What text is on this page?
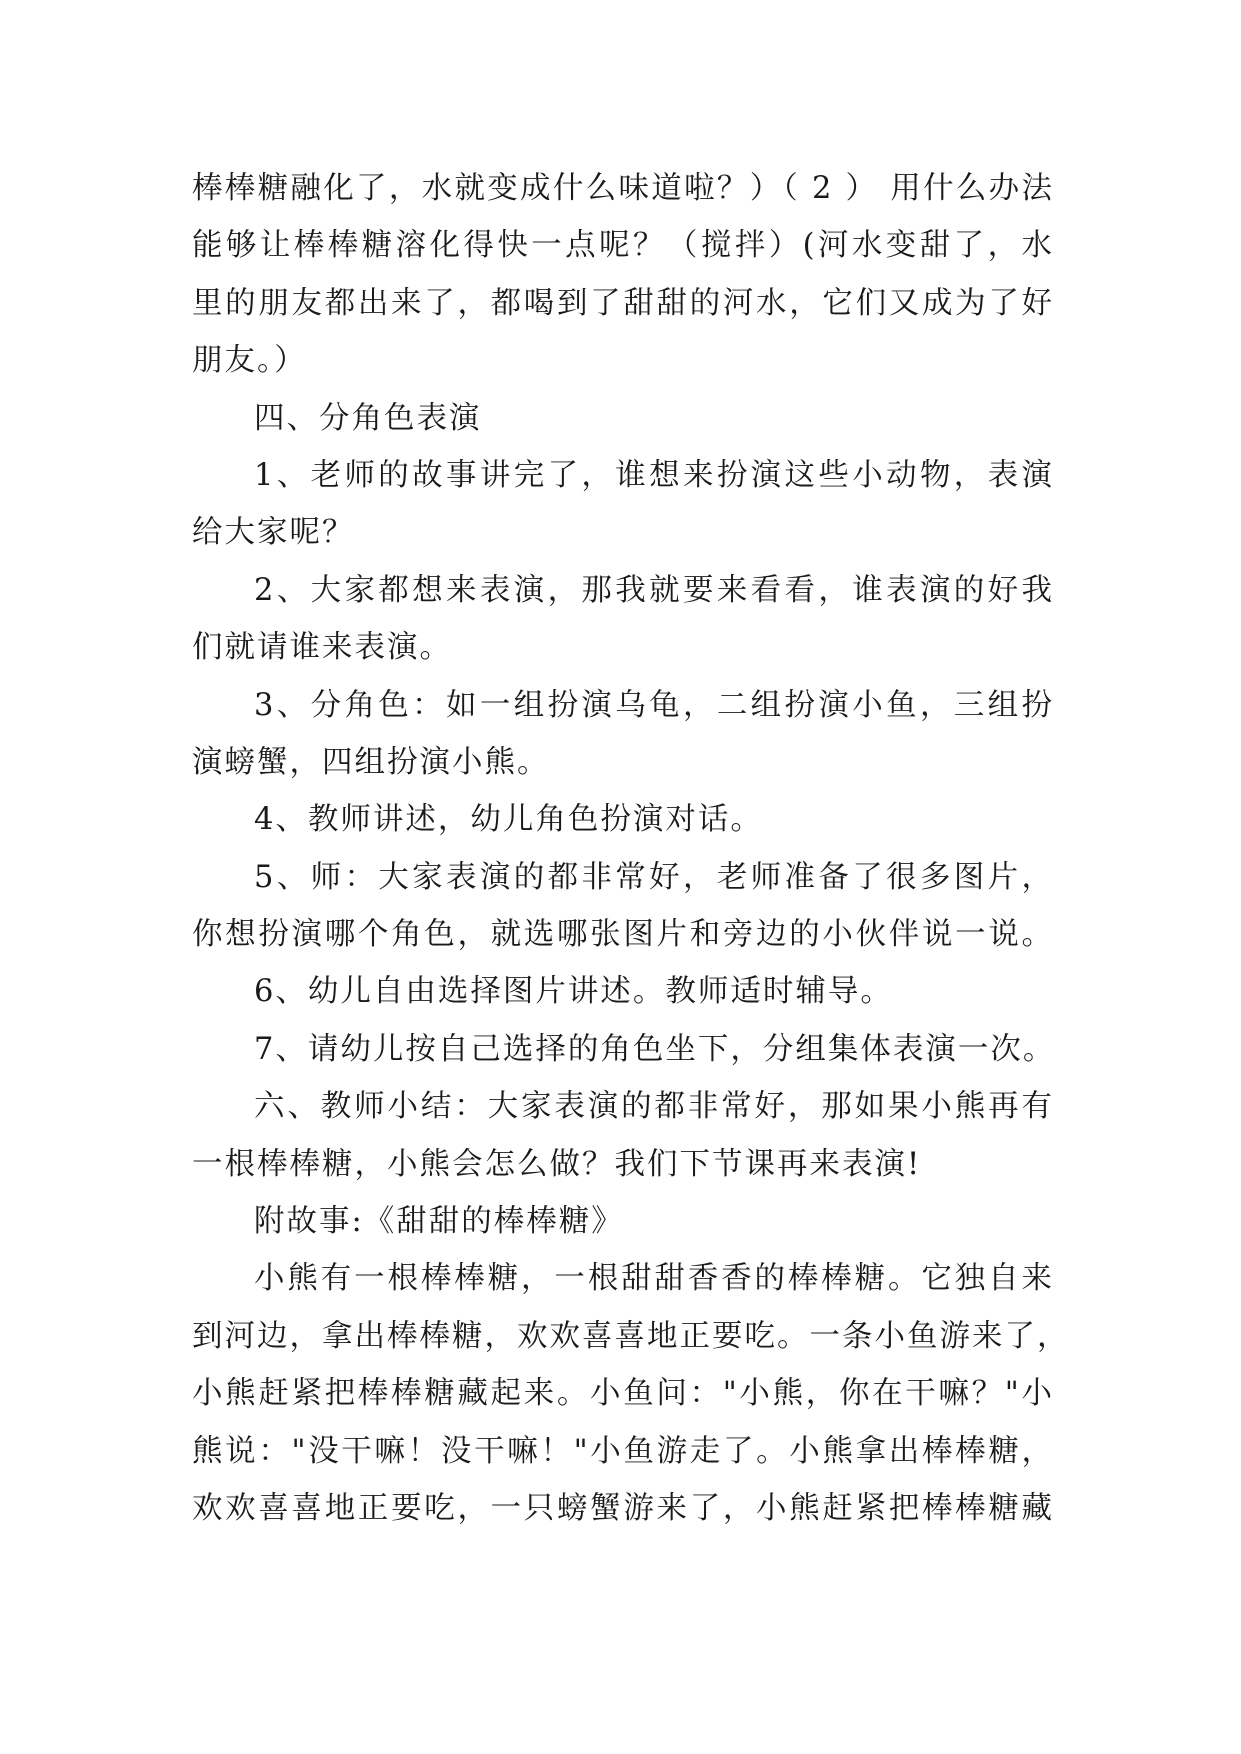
棒棒糖融化了，水就变成什么味道啦？）（ 2 ） 用什么办法
能够让棒棒糖溶化得快一点呢？（搅拌）(河水变甜了，水
里的朋友都出来了，都喝到了甜甜的河水，它们又成为了好
朋友。）
四、分角色表演
1、老师的故事讲完了，谁想来扮演这些小动物，表演
给大家呢？
2、大家都想来表演，那我就要来看看，谁表演的好我
们就请谁来表演。
3、分角色：如一组扮演乌龟，二组扮演小鱼，三组扮
演螃蟹，四组扮演小熊。
4、教师讲述，幼儿角色扮演对话。
5、师：大家表演的都非常好，老师准备了很多图片，
你想扮演哪个角色，就选哪张图片和旁边的小伙伴说一说。
6、幼儿自由选择图片讲述。教师适时辅导。
7、请幼儿按自己选择的角色坐下，分组集体表演一次。
六、教师小结：大家表演的都非常好，那如果小熊再有
一根棒棒糖，小熊会怎么做？我们下节课再来表演!
附故事:《甜甜的棒棒糖》
小熊有一根棒棒糖，一根甜甜香香的棒棒糖。它独自来
到河边，拿出棒棒糖，欢欢喜喜地正要吃。一条小鱼游来了，
小熊赶紧把棒棒糖藏起来。小鱼问："小熊，你在干嘛？"小
熊说："没干嘛！没干嘛！"小鱼游走了。小熊拿出棒棒糖，
欢欢喜喜地正要吃，一只螃蟹游来了，小熊赶紧把棒棒糖藏
